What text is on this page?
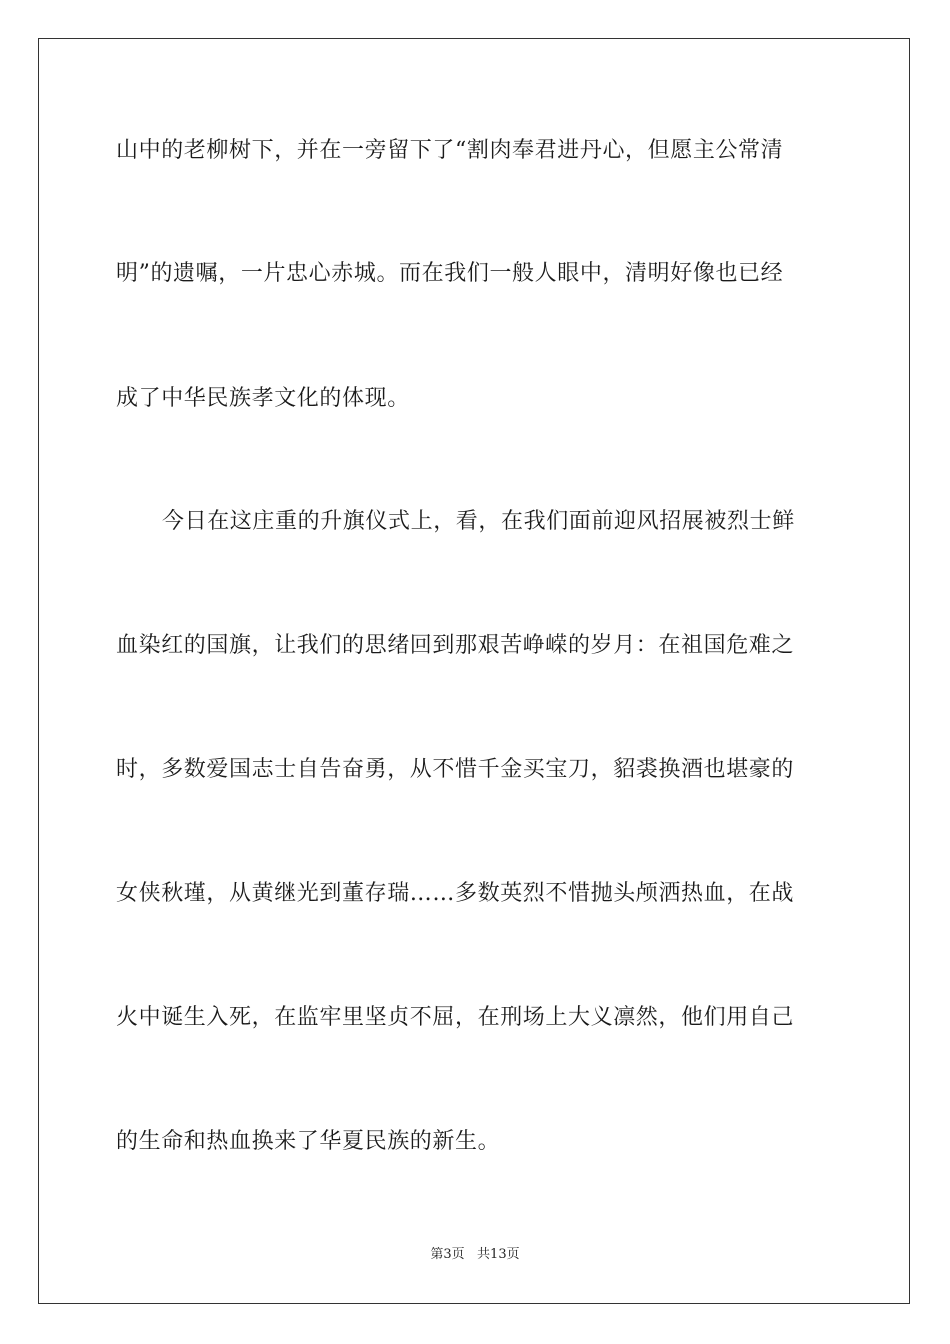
山中的老柳树下，并在一旁留下了“割肉奉君进丹心，但愿主公常清
明”的遗嘱，一片忠心赤城。而在我们一般人眼中，清明好像也已经
成了中华民族孝文化的体现。
今日在这庄重的升旗仪式上，看，在我们面前迎风招展被烈士鲜
血染红的国旗，让我们的思绪回到那艰苦峥嵘的岁月：在祖国危难之
时，多数爱国志士自告奋勇，从不惜千金买宝刀，貂裘换酒也堪豪的
女侠秋瑾，从黄继光到董存瑞……多数英烈不惜抛头颅洒热血，在战
火中诞生入死，在监牢里坚贞不屈，在刑场上大义凛然，他们用自己
的生命和热血换来了华夏民族的新生。
第3页   共13页
